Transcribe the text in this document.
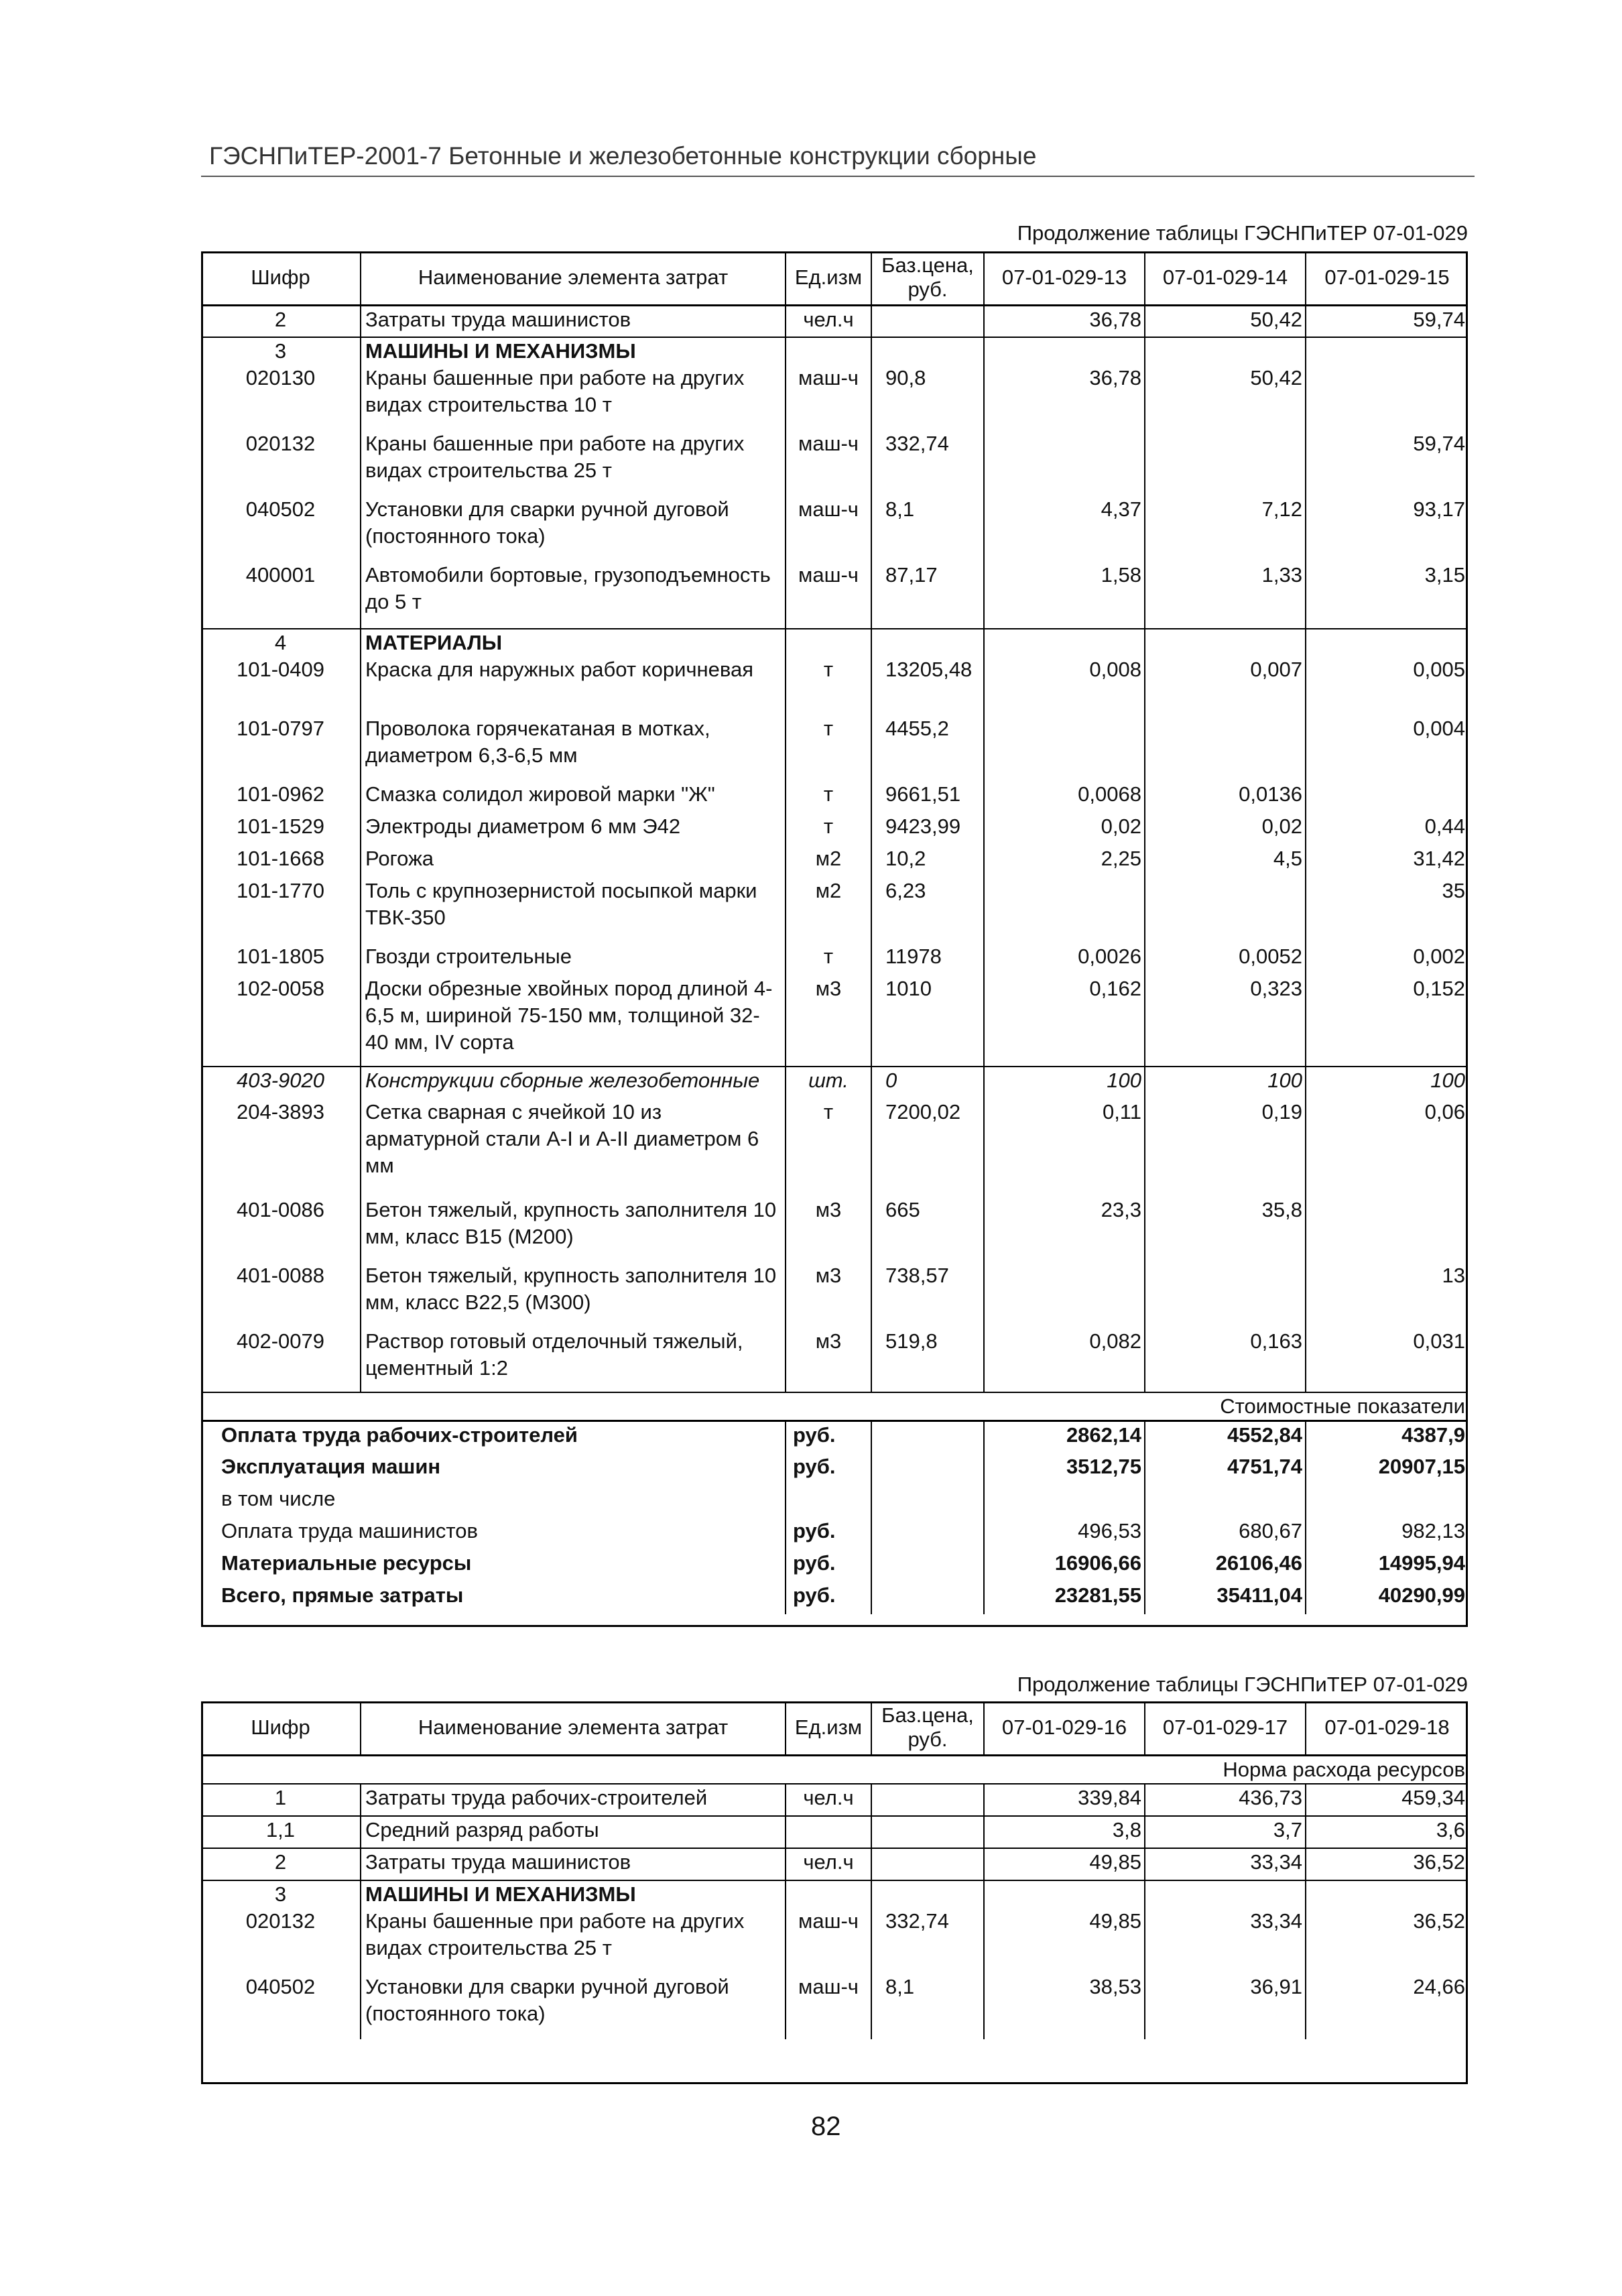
ГЭСНПиТЕР-2001-7 Бетонные и железобетонные конструкции сборные
Продолжение таблицы ГЭСНПиТЕР 07-01-029
Шифр	Наименование элемента затрат	Ед.изм	Баз.цена, руб.	07-01-029-13	07-01-029-14	07-01-029-15
2	Затраты труда машинистов	чел.ч		36,78	50,42	59,74
3	МАШИНЫ И МЕХАНИЗМЫ					
020130	Краны башенные при работе на других видах строительства 10 т	маш-ч	90,8	36,78	50,42	
020132	Краны башенные при работе на других видах строительства 25 т	маш-ч	332,74			59,74
040502	Установки для сварки ручной дуговой (постоянного тока)	маш-ч	8,1	4,37	7,12	93,17
400001	Автомобили бортовые, грузоподъемность до 5 т	маш-ч	87,17	1,58	1,33	3,15
4	МАТЕРИАЛЫ					
101-0409	Краска для наружных работ коричневая	т	13205,48	0,008	0,007	0,005
101-0797	Проволока горячекатаная в мотках, диаметром 6,3-6,5 мм	т	4455,2			0,004
101-0962	Смазка солидол жировой марки "Ж"	т	9661,51	0,0068	0,0136	
101-1529	Электроды диаметром 6 мм Э42	т	9423,99	0,02	0,02	0,44
101-1668	Рогожа	м2	10,2	2,25	4,5	31,42
101-1770	Толь с крупнозернистой посыпкой марки ТВК-350	м2	6,23			35
101-1805	Гвозди строительные	т	11978	0,0026	0,0052	0,002
102-0058	Доски обрезные хвойных пород длиной 4-6,5 м, шириной 75-150 мм, толщиной 32-40 мм, IV сорта	м3	1010	0,162	0,323	0,152
403-9020	Конструкции сборные железобетонные	шт.	0	100	100	100
204-3893	Сетка сварная с ячейкой 10 из арматурной стали А-I и А-II диаметром 6 мм	т	7200,02	0,11	0,19	0,06
401-0086	Бетон тяжелый, крупность заполнителя 10 мм, класс В15 (М200)	м3	665	23,3	35,8	
401-0088	Бетон тяжелый, крупность заполнителя 10 мм, класс В22,5 (М300)	м3	738,57			13
402-0079	Раствор готовый отделочный тяжелый, цементный 1:2	м3	519,8	0,082	0,163	0,031
Стоимостные показатели						
Оплата труда рабочих-строителей		руб.		2862,14	4552,84	4387,9
Эксплуатация машин		руб.		3512,75	4751,74	20907,15
в том числе						
Оплата труда машинистов		руб.		496,53	680,67	982,13
Материальные ресурсы		руб.		16906,66	26106,46	14995,94
Всего, прямые затраты		руб.		23281,55	35411,04	40290,99
Продолжение таблицы ГЭСНПиТЕР 07-01-029
Шифр	Наименование элемента затрат	Ед.изм	Баз.цена, руб.	07-01-029-16	07-01-029-17	07-01-029-18
Норма расхода ресурсов						
1	Затраты труда рабочих-строителей	чел.ч		339,84	436,73	459,34
1,1	Средний разряд работы			3,8	3,7	3,6
2	Затраты труда машинистов	чел.ч		49,85	33,34	36,52
3	МАШИНЫ И МЕХАНИЗМЫ					
020132	Краны башенные при работе на других видах строительства 25 т	маш-ч	332,74	49,85	33,34	36,52
040502	Установки для сварки ручной дуговой (постоянного тока)	маш-ч	8,1	38,53	36,91	24,66
82
